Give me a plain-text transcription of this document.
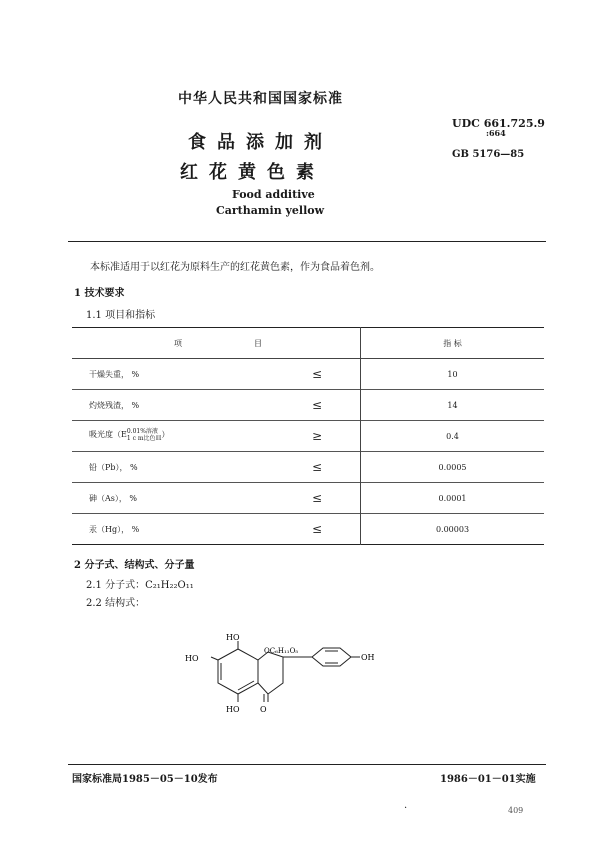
中华人民共和国国家标准
食品添加剂
红花黄色素
Food additive
Carthamin yellow
UDC 661.725.9
:664
GB 5176—85
本标准适用于以红花为原料生产的红花黄色素，作为食品着色剂。
1 技术要求
1.1 项目和指标
项 目	指 标

干燥失重， % ≤	10

灼烧残渣， % ≤	14

吸光度（E0.01%溶液
1 c m比色皿） ≥	0.4

铅（Pb）， % ≤	0.0005

砷（As）， % ≤	0.0001

汞（Hg）， % ≤	0.00003
2 分子式、结构式、分子量
2.1 分子式：C₂₁H₂₂O₁₁
2.2 结构式：
HO
HO
HO	O
OC₆H₁₁O₅
OH
国家标准局1985－05－10发布	1986－01－01实施
.	409
